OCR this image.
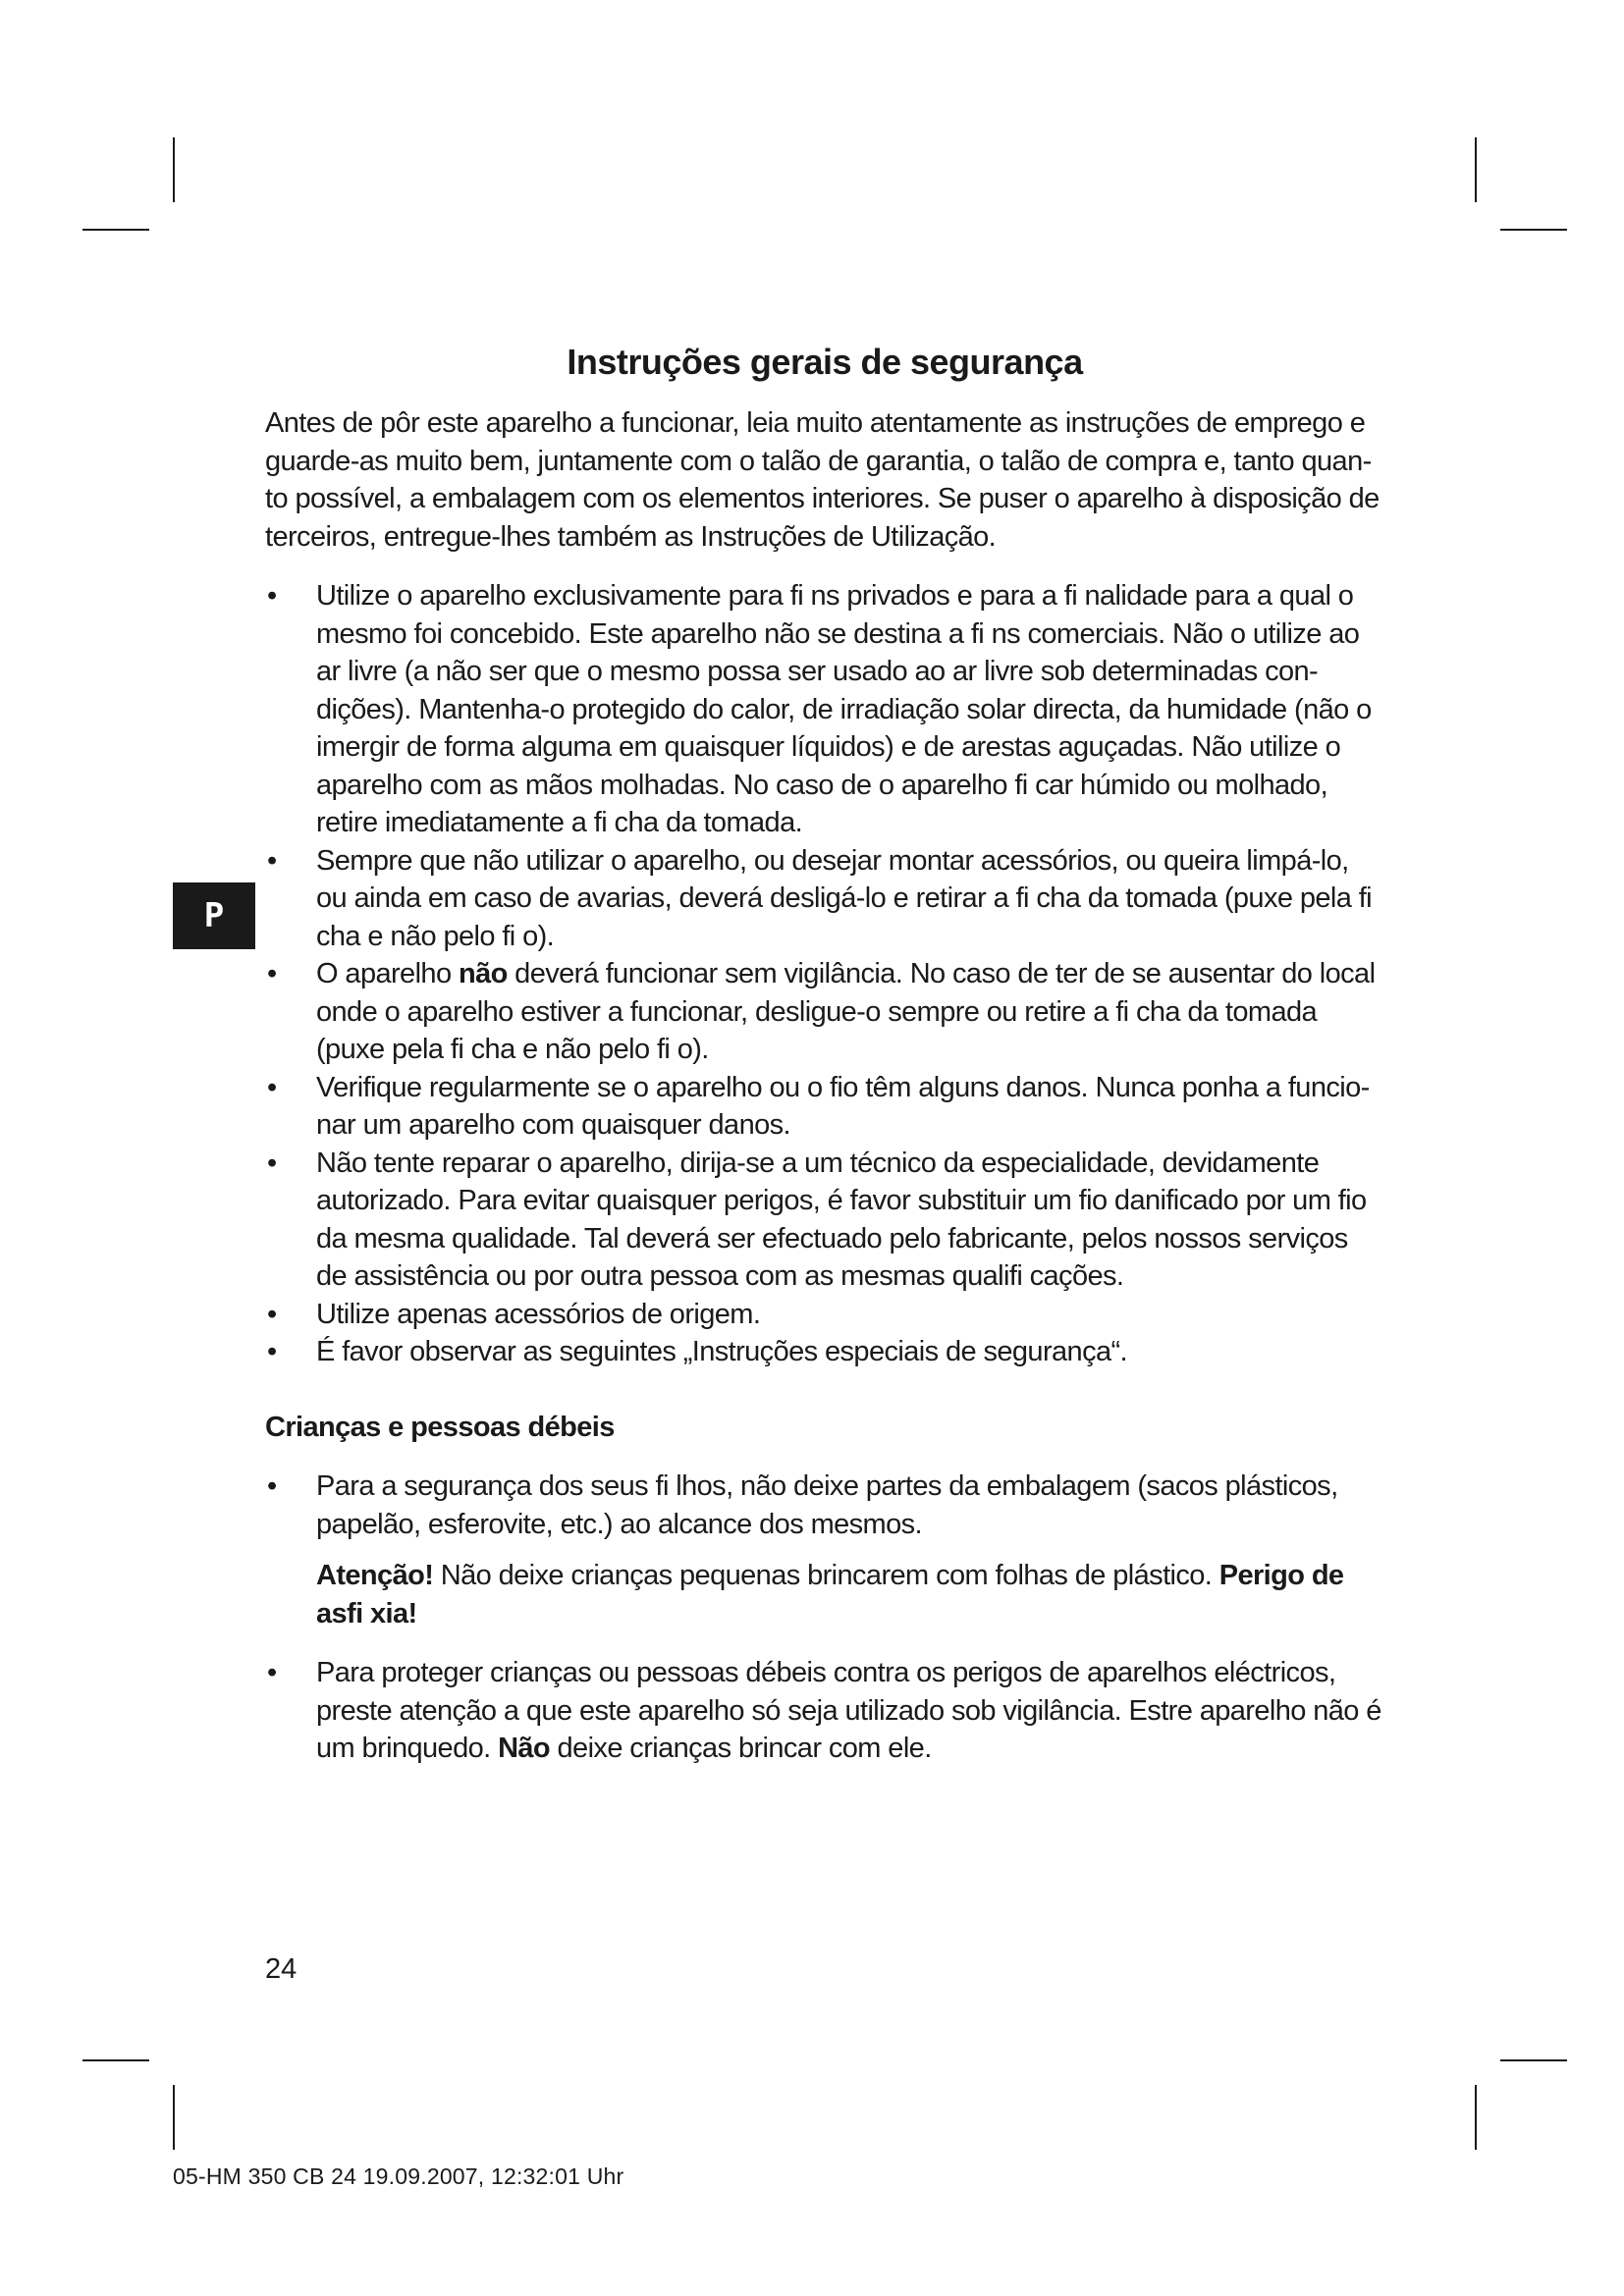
Instruções gerais de segurança
P

Antes de pôr este aparelho a funcionar, leia muito atentamente as instruções de emprego e guarde-as muito bem, juntamente com o talão de garantia, o talão de compra e, tanto quan-to possível, a embalagem com os elementos interiores. Se puser o aparelho à disposição de terceiros, entregue-lhes também as Instruções de Utilização.

• Utilize o aparelho exclusivamente para fi ns privados e para a fi nalidade para a qual o mesmo foi concebido. Este aparelho não se destina a fi ns comerciais. Não o utilize ao ar livre (a não ser que o mesmo possa ser usado ao ar livre sob determinadas con-dições). Mantenha-o protegido do calor, de irradiação solar directa, da humidade (não o imergir de forma alguma em quaisquer líquidos) e de arestas aguçadas. Não utilize o aparelho com as mãos molhadas. No caso de o aparelho fi car húmido ou molhado, retire imediatamente a fi cha da tomada.
• Sempre que não utilizar o aparelho, ou desejar montar acessórios, ou queira limpá-lo, ou ainda em caso de avarias, deverá desligá-lo e retirar a fi cha da tomada (puxe pela fi cha e não pelo fi o).
• O aparelho não deverá funcionar sem vigilância. No caso de ter de se ausentar do local onde o aparelho estiver a funcionar, desligue-o sempre ou retire a fi cha da tomada (puxe pela fi cha e não pelo fi o).
• Verifique regularmente se o aparelho ou o fio têm alguns danos. Nunca ponha a funcio-nar um aparelho com quaisquer danos.
• Não tente reparar o aparelho, dirija-se a um técnico da especialidade, devidamente autorizado. Para evitar quaisquer perigos, é favor substituir um fio danificado por um fio da mesma qualidade. Tal deverá ser efectuado pelo fabricante, pelos nossos serviços de assistência ou por outra pessoa com as mesmas qualifi cações.
• Utilize apenas acessórios de origem.
• É favor observar as seguintes „Instruções especiais de segurança“.

Crianças e pessoas débeis

• Para a segurança dos seus fi lhos, não deixe partes da embalagem (sacos plásticos, papelão, esferovite, etc.) ao alcance dos mesmos.

Atenção! Não deixe crianças pequenas brincarem com folhas de plástico. Perigo de asfi xia!

• Para proteger crianças ou pessoas débeis contra os perigos de aparelhos eléctricos, preste atenção a que este aparelho só seja utilizado sob vigilância. Estre aparelho não é um brinquedo. Não deixe crianças brincar com ele.
24
05-HM 350 CB 24 19.09.2007, 12:32:01 Uhr
